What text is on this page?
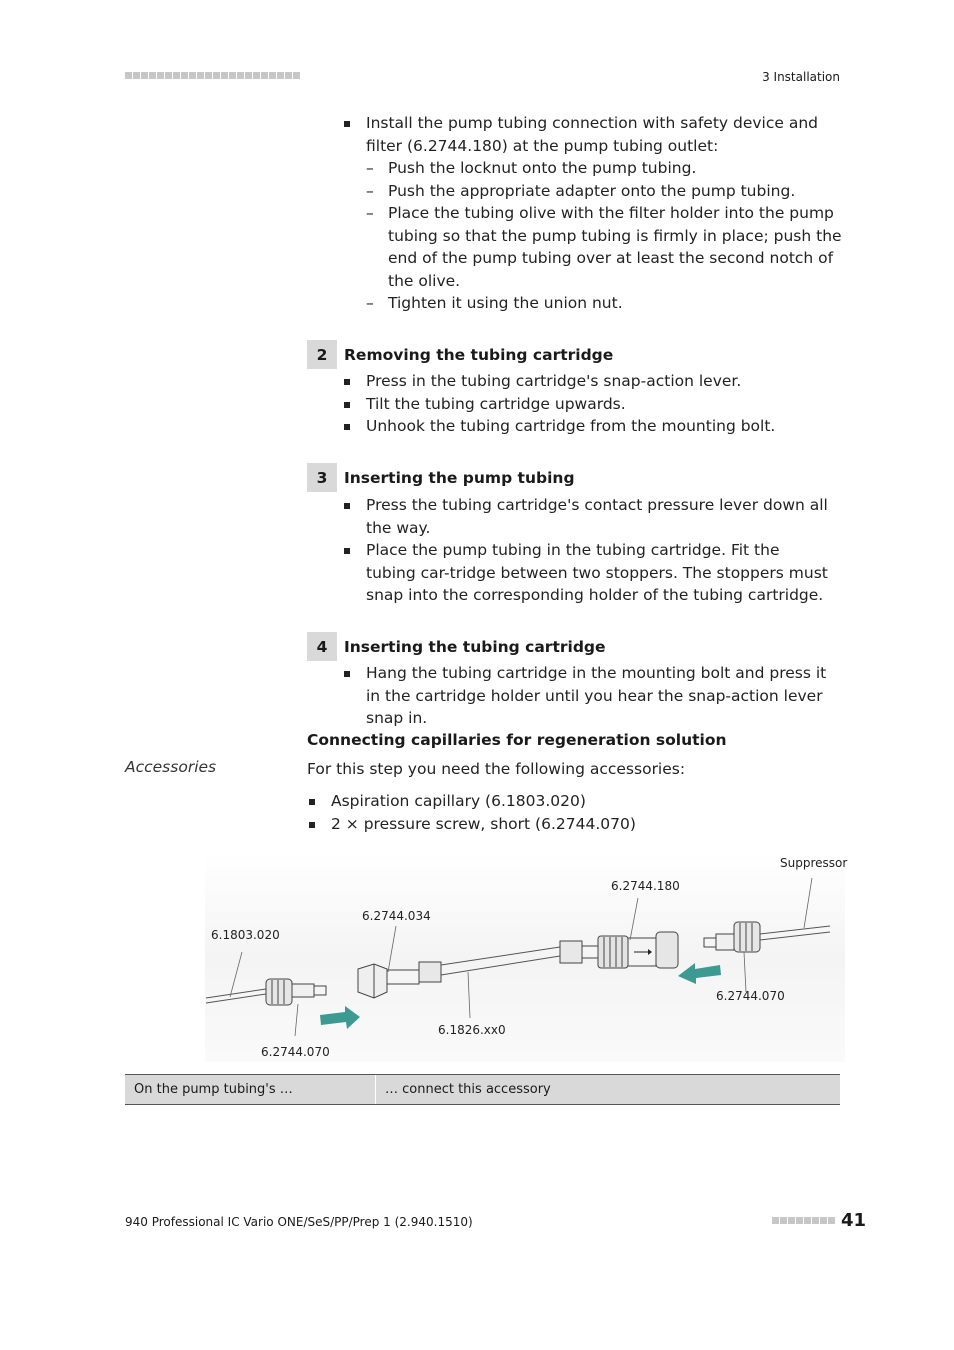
3 Installation
Install the pump tubing connection with safety device and filter (6.2744.180) at the pump tubing outlet:
– Push the locknut onto the pump tubing.
– Push the appropriate adapter onto the pump tubing.
– Place the tubing olive with the filter holder into the pump tubing so that the pump tubing is firmly in place; push the end of the pump tubing over at least the second notch of the olive.
– Tighten it using the union nut.
2	Removing the tubing cartridge
Press in the tubing cartridge's snap-action lever.
Tilt the tubing cartridge upwards.
Unhook the tubing cartridge from the mounting bolt.
3	Inserting the pump tubing
Press the tubing cartridge's contact pressure lever down all the way.
Place the pump tubing in the tubing cartridge. Fit the tubing car-tridge between two stoppers. The stoppers must snap into the corresponding holder of the tubing cartridge.
4	Inserting the tubing cartridge
Hang the tubing cartridge in the mounting bolt and press it in the cartridge holder until you hear the snap-action lever snap in.
Connecting capillaries for regeneration solution
Accessories	For this step you need the following accessories:
Aspiration capillary (6.1803.020)
2 × pressure screw, short (6.2744.070)
Suppressor
6.2744.180
6.2744.034
6.1803.020
6.2744.070
6.1826.xx0
6.2744.070
On the pump tubing's …	… connect this accessory
940 Professional IC Vario ONE/SeS/PP/Prep 1 (2.940.1510)	41
